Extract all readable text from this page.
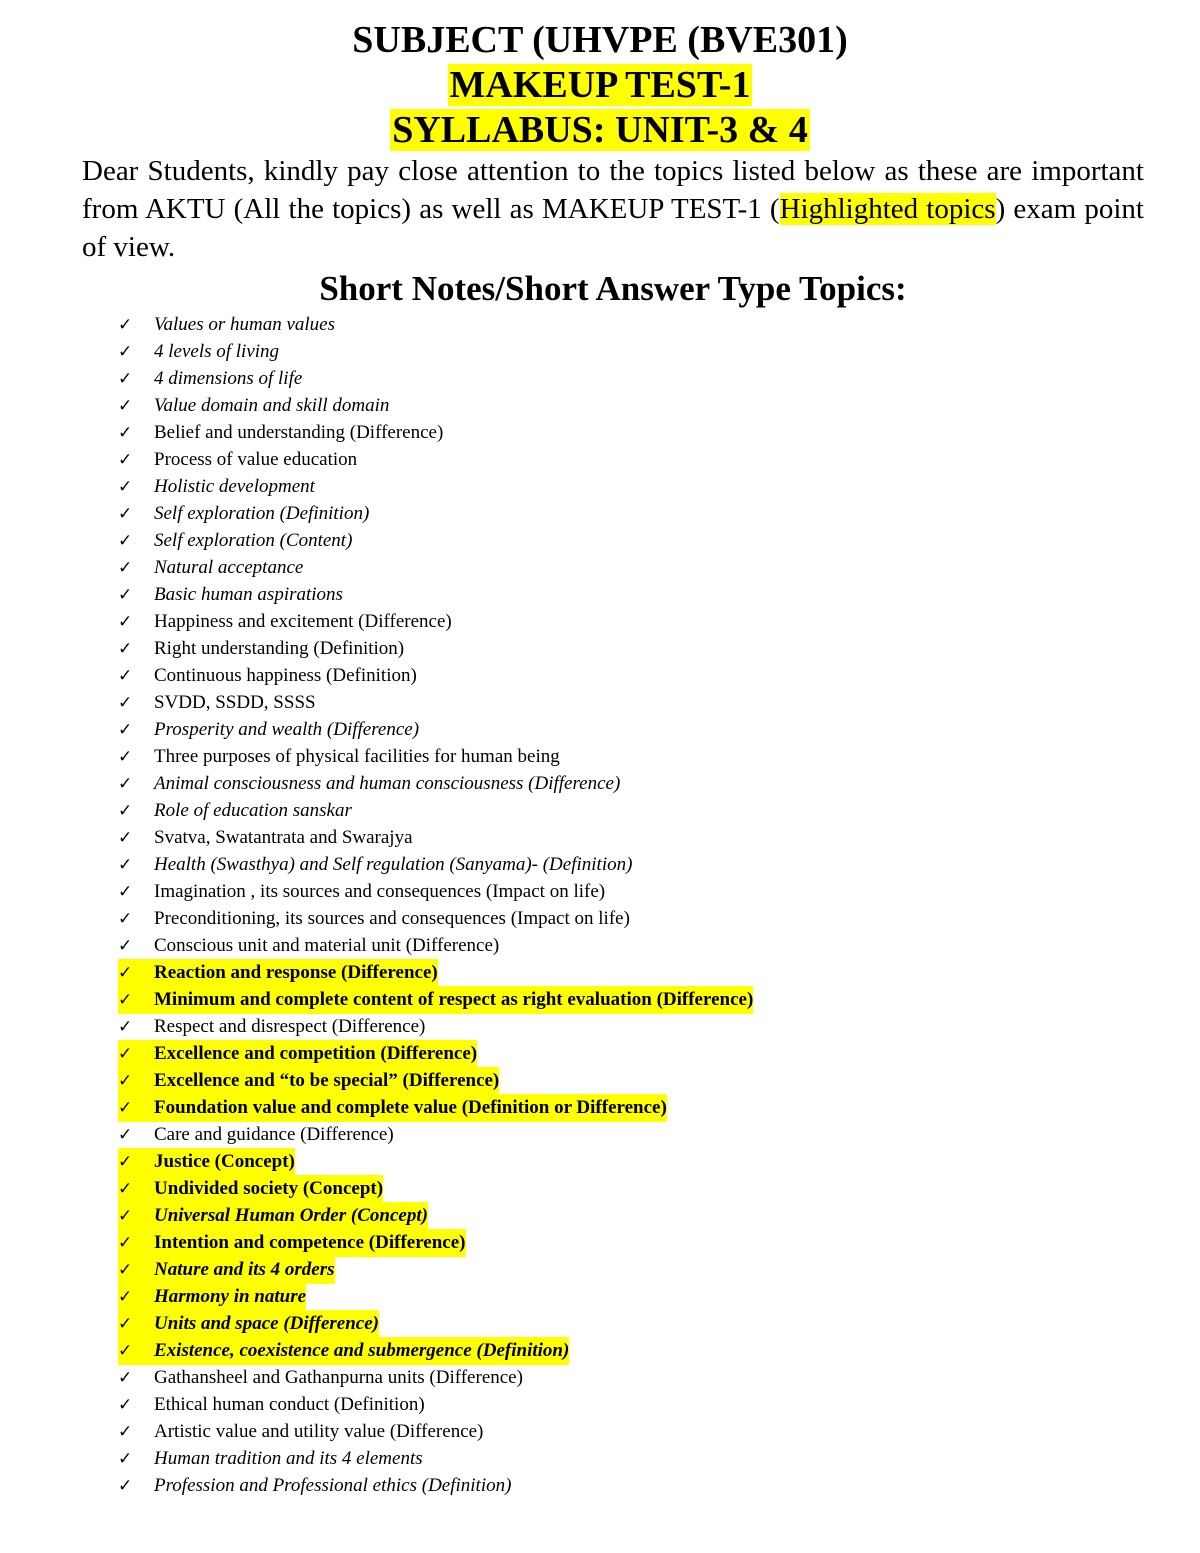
SUBJECT (UHVPE (BVE301)
MAKEUP TEST-1
SYLLABUS: UNIT-3 & 4
Dear Students, kindly pay close attention to the topics listed below as these are important from AKTU (All the topics) as well as MAKEUP TEST-1 (Highlighted topics) exam point of view.
Short Notes/Short Answer Type Topics:
✓ Values or human values
✓ 4 levels of living
✓ 4 dimensions of life
✓ Value domain and skill domain
✓ Belief and understanding (Difference)
✓ Process of value education
✓ Holistic development
✓ Self exploration (Definition)
✓ Self exploration (Content)
✓ Natural acceptance
✓ Basic human aspirations
✓ Happiness and excitement (Difference)
✓ Right understanding (Definition)
✓ Continuous happiness (Definition)
✓ SVDD, SSDD, SSSS
✓ Prosperity and wealth (Difference)
✓ Three purposes of physical facilities for human being
✓ Animal consciousness and human consciousness (Difference)
✓ Role of education sanskar
✓ Svatva, Swatantrata and Swarajya
✓ Health (Swasthya) and Self regulation (Sanyama)- (Definition)
✓ Imagination , its sources and consequences (Impact on life)
✓ Preconditioning, its sources and consequences (Impact on life)
✓ Conscious unit and material unit (Difference)
✓ Reaction and response (Difference)
✓ Minimum and complete content of respect as right evaluation (Difference)
✓ Respect and disrespect (Difference)
✓ Excellence and competition (Difference)
✓ Excellence and “to be special” (Difference)
✓ Foundation value and complete value (Definition or Difference)
✓ Care and guidance (Difference)
✓ Justice (Concept)
✓ Undivided society (Concept)
✓ Universal Human Order (Concept)
✓ Intention and competence (Difference)
✓ Nature and its 4 orders
✓ Harmony in nature
✓ Units and space (Difference)
✓ Existence, coexistence and submergence (Definition)
✓ Gathansheel and Gathanpurna units (Difference)
✓ Ethical human conduct (Definition)
✓ Artistic value and utility value (Difference)
✓ Human tradition and its 4 elements
✓ Profession and Professional ethics (Definition)
